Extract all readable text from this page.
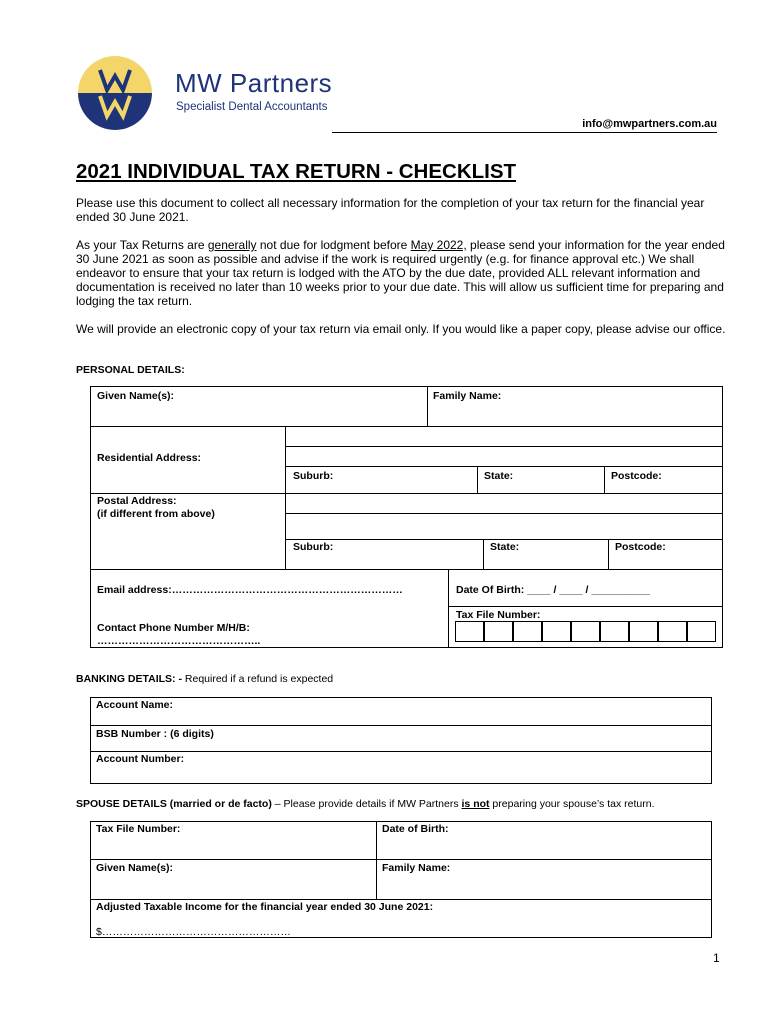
MW Partners
Specialist Dental Accountants
info@mwpartners.com.au
2021 INDIVIDUAL TAX RETURN - CHECKLIST

Please use this document to collect all necessary information for the completion of your tax return for the financial year ended 30 June 2021.

As your Tax Returns are generally not due for lodgment before May 2022, please send your information for the year ended 30 June 2021 as soon as possible and advise if the work is required urgently (e.g. for finance approval etc.) We shall endeavor to ensure that your tax return is lodged with the ATO by the due date, provided ALL relevant information and documentation is received no later than 10 weeks prior to your due date. This will allow us sufficient time for preparing and lodging the tax return.

We will provide an electronic copy of your tax return via email only. If you would like a paper copy, please advise our office.

PERSONAL DETAILS:
Given Name(s):	Family Name:
Residential Address:
Suburb:	State:	Postcode:
Postal Address:
(if different from above)
Suburb:	State:	Postcode:
Email address:…………………………………………………………	Date Of Birth: ____ / ____ / __________
Tax File Number:
Contact Phone Number M/H/B:
………………………………………..
BANKING DETAILS: - Required if a refund is expected
Account Name:
BSB Number : (6 digits)
Account Number:
SPOUSE DETAILS (married or de facto) – Please provide details if MW Partners is not preparing your spouse’s tax return.
Tax File Number:	Date of Birth:
Given Name(s):	Family Name:
Adjusted Taxable Income for the financial year ended 30 June 2021:
$………………………………………………
1
